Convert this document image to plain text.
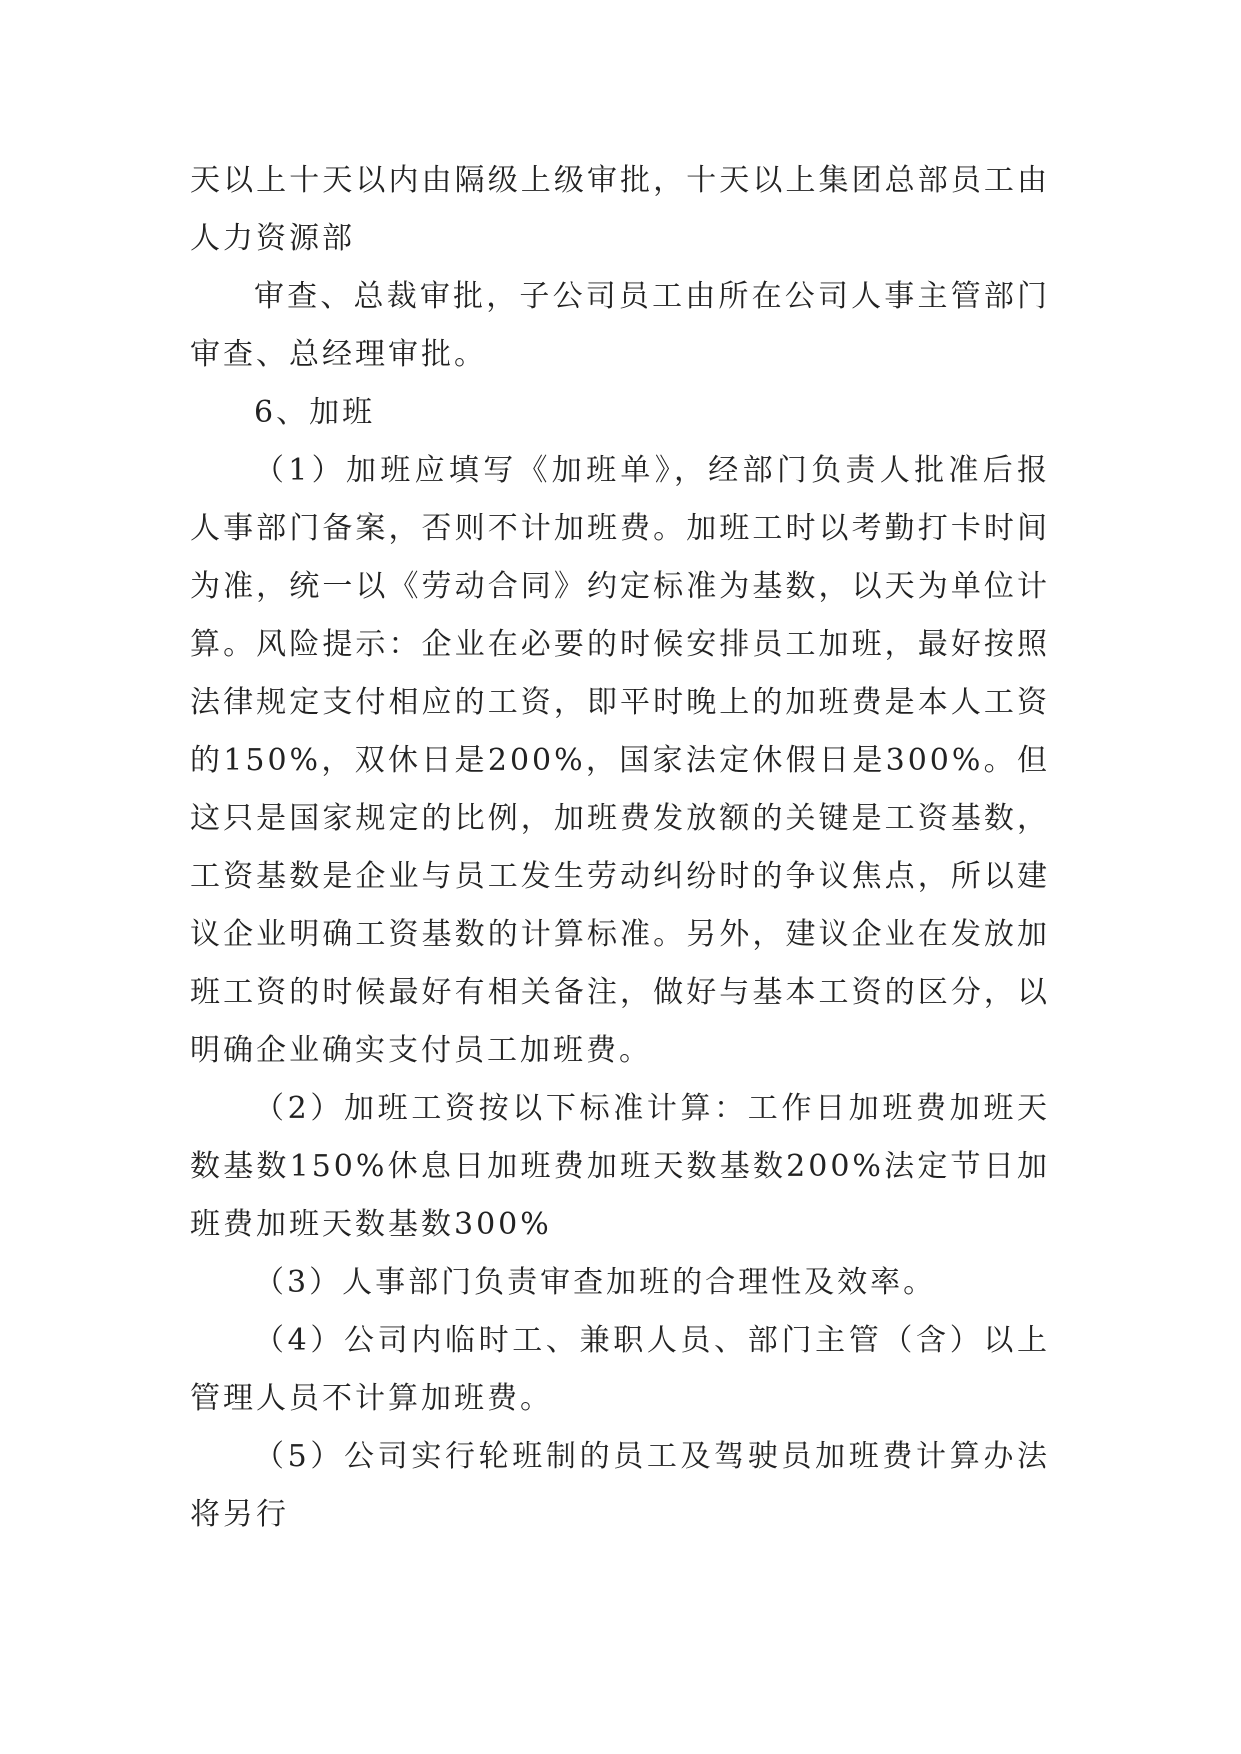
天以上十天以内由隔级上级审批，十天以上集团总部员工由人力资源部

审查、总裁审批，子公司员工由所在公司人事主管部门审查、总经理审批。

6、加班

（1）加班应填写《加班单》，经部门负责人批准后报人事部门备案，否则不计加班费。加班工时以考勤打卡时间为准，统一以《劳动合同》约定标准为基数，以天为单位计算。风险提示：企业在必要的时候安排员工加班，最好按照法律规定支付相应的工资，即平时晚上的加班费是本人工资的150%，双休日是200%，国家法定休假日是300%。但这只是国家规定的比例，加班费发放额的关键是工资基数，工资基数是企业与员工发生劳动纠纷时的争议焦点，所以建议企业明确工资基数的计算标准。另外，建议企业在发放加班工资的时候最好有相关备注，做好与基本工资的区分，以明确企业确实支付员工加班费。

（2）加班工资按以下标准计算：工作日加班费加班天数基数150%休息日加班费加班天数基数200%法定节日加班费加班天数基数300%

（3）人事部门负责审查加班的合理性及效率。

（4）公司内临时工、兼职人员、部门主管（含）以上管理人员不计算加班费。

（5）公司实行轮班制的员工及驾驶员加班费计算办法将另行
